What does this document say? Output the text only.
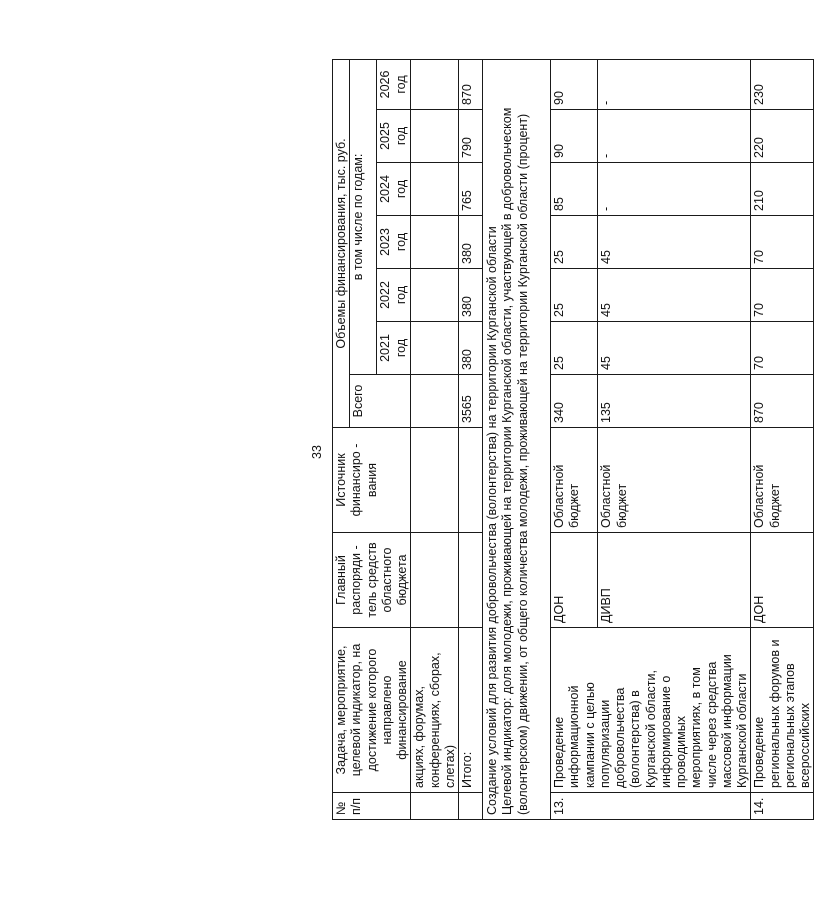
33
№ п/п	Задача, мероприятие, целевой индикатор, на достижение которого направлено финансирование	Главный распоряди - тель средств областного бюджета	Источник финансиро - вания	Объемы финансирования, тыс. руб.						
				Всего	в том числе по годам:					
					2021 год	2022 год	2023 год	2024 год	2025 год	2026 год
	акциях, форумах, конференциях, сборах, слетах)									
	Итого:			3565	380	380	380	765	790	870

Создание условий для развития добровольчества (волонтерства) на территории Курганской области Целевой индикатор: доля молодежи, проживающей на территории Курганской области, участвующей в добровольческом (волонтерском) движении, от общего количества молодежи, проживающей на территории Курганской области (процент)										

13.	Проведение информационной кампании с целью популяризации добровольчества (волонтерства) в Курганской области, информирование о проводимых мероприятиях, в том числе через средства массовой информации Курганской области	ДОН	Областной бюджет	340	25	25	25	85	90	90
		ДИВП	Областной бюджет	135	45	45	45	-	-	-
14.	Проведение региональных форумов и региональных этапов всероссийских	ДОН	Областной бюджет	870	70	70	70	210	220	230
